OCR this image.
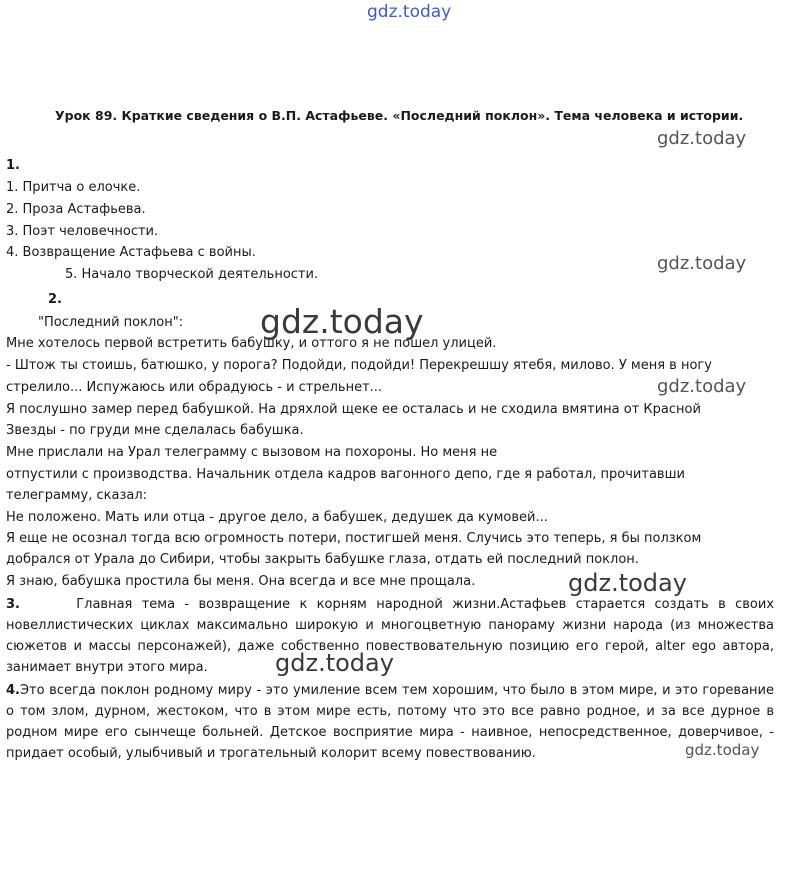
gdz.today
gdz.today
gdz.today
gdz.today
gdz.today
gdz.today
gdz.today
gdz.today
Урок 89. Краткие сведения о В.П. Астафьеве. «Последний поклон». Тема человека и истории.
1.
1. Притча о елочке.
2. Проза Астафьева.
3. Поэт человечности.
4. Возвращение Астафьева с войны.
5. Начало творческой деятельности.
2.
"Последний поклон":
Мне хотелось первой встретить бабушку, и оттого я не пошел улицей.
- Штож ты стоишь, батюшко, у порога? Подойди, подойди! Перекрешшу ятебя, милово. У меня в ногу
стрелило... Испужаюсь или обрадуюсь - и стрельнет...
Я послушно замер перед бабушкой. На дряхлой щеке ее осталась и не сходила вмятина от Красной
Звезды - по груди мне сделалась бабушка.
Мне прислали на Урал телеграмму с вызовом на похороны. Но меня не
отпустили с производства. Начальник отдела кадров вагонного депо, где я работал, прочитавши
телеграмму, сказал:
Не положено. Мать или отца - другое дело, а бабушек, дедушек да кумовей...
Я еще не осознал тогда всю огромность потери, постигшей меня. Случись это теперь, я бы ползком
добрался от Урала до Сибири, чтобы закрыть бабушке глаза, отдать ей последний поклон.
Я знаю, бабушка простила бы меня. Она всегда и все мне прощала.
3.	Главная тема - возвращение к корням народной жизни.Астафьев старается создать в своих новеллистических циклах максимально широкую и многоцветную панораму жизни народа (из множества сюжетов и массы персонажей), даже собственно повествовательную позицию его герой, alter ego автора, занимает внутри этого мира.
4.Это всегда поклон родному миру - это умиление всем тем хорошим, что было в этом мире, и это горевание о том злом, дурном, жестоком, что в этом мире есть, потому что это все равно родное, и за все дурное в родном мире его сынчеще больней. Детское восприятие мира - наивное, непосредственное, доверчивое, - придает особый, улыбчивый и трогательный колорит всему повествованию.
